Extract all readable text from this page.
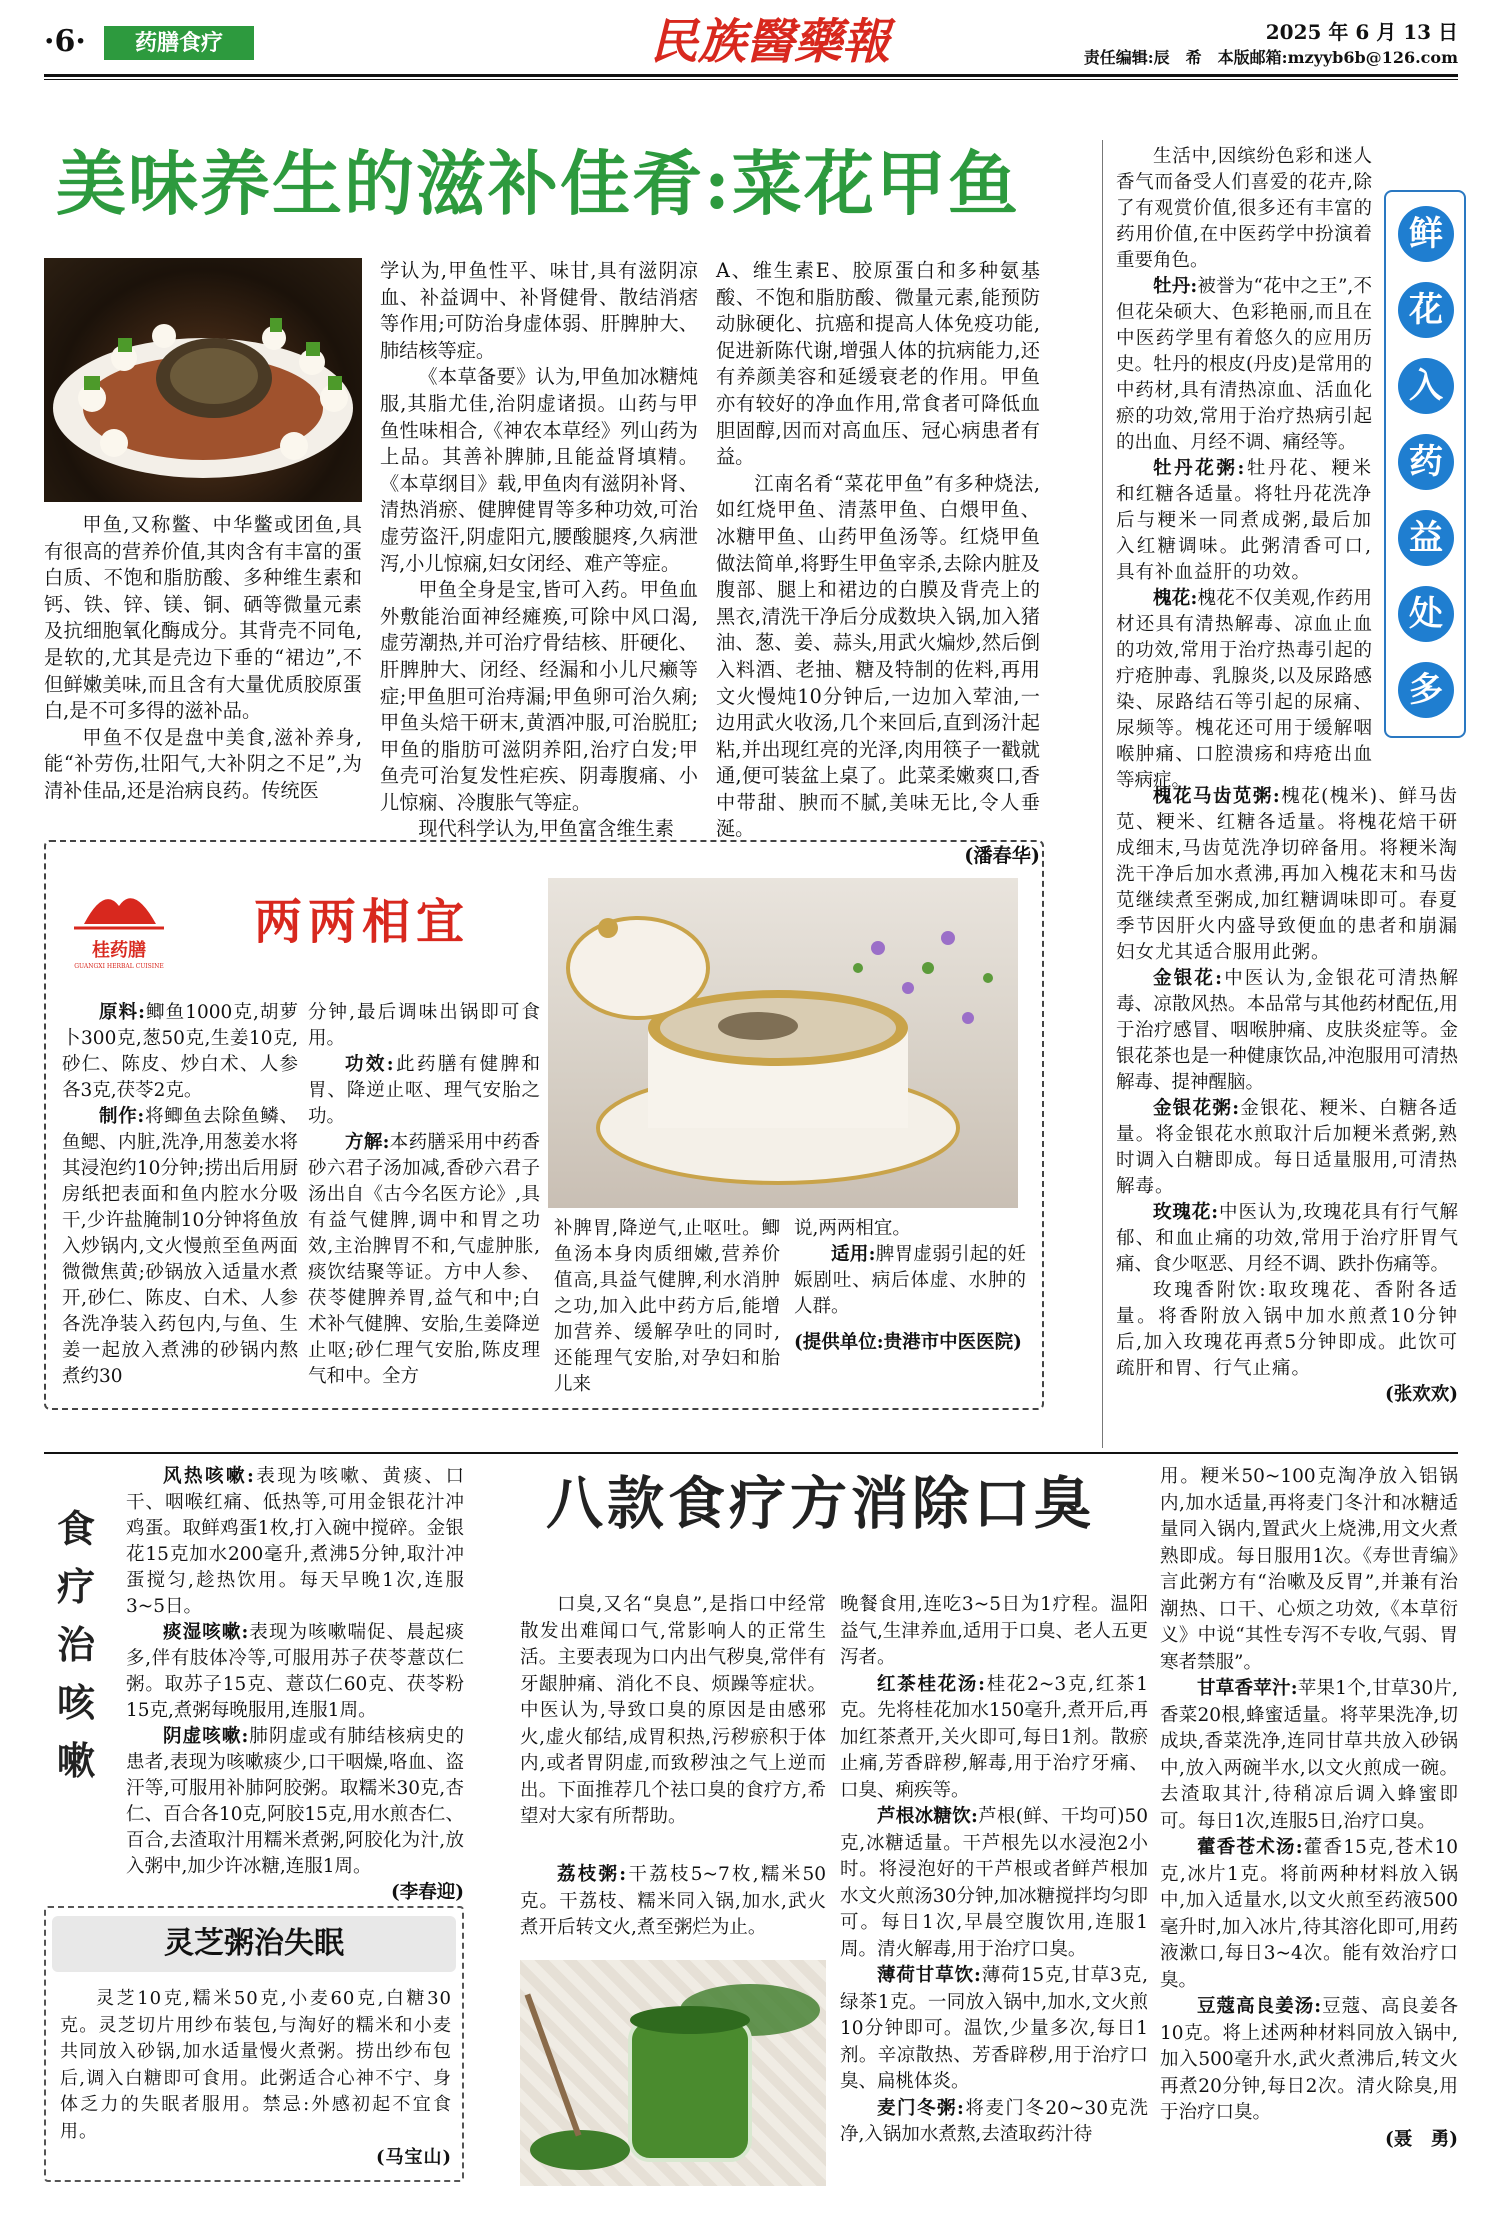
·6·	药膳食疗	民族醫藥報	2025 年 6 月 13 日
责任编辑:辰　希　本版邮箱:mzyyb6b@126.com
美味养生的滋补佳肴:菜花甲鱼

甲鱼,又称鳖、中华鳖或团鱼,具有很高的营养价值,其肉含有丰富的蛋白质、不饱和脂肪酸、多种维生素和钙、铁、锌、镁、铜、硒等微量元素及抗细胞氧化酶成分。其背壳不同龟,是软的,尤其是壳边下垂的“裙边”,不但鲜嫩美味,而且含有大量优质胶原蛋白,是不可多得的滋补品。

甲鱼不仅是盘中美食,滋补养身,能“补劳伤,壮阳气,大补阴之不足”,为清补佳品,还是治病良药。传统医

学认为,甲鱼性平、味甘,具有滋阴凉血、补益调中、补肾健骨、散结消痞等作用;可防治身虚体弱、肝脾肿大、肺结核等症。

《本草备要》认为,甲鱼加冰糖炖服,其脂尤佳,治阴虚诸损。山药与甲鱼性味相合,《神农本草经》列山药为上品。其善补脾肺,且能益肾填精。《本草纲目》载,甲鱼肉有滋阴补肾、清热消瘀、健脾健胃等多种功效,可治虚劳盗汗,阴虚阳亢,腰酸腿疼,久病泄泻,小儿惊痫,妇女闭经、难产等症。

甲鱼全身是宝,皆可入药。甲鱼血外敷能治面神经瘫痪,可除中风口渴,虚劳潮热,并可治疗骨结核、肝硬化、肝脾肿大、闭经、经漏和小儿尺癞等症;甲鱼胆可治痔漏;甲鱼卵可治久痢;甲鱼头焙干研末,黄酒冲服,可治脱肛;甲鱼的脂肪可滋阴养阳,治疗白发;甲鱼壳可治复发性疟疾、阴毒腹痛、小儿惊痫、冷腹胀气等症。

现代科学认为,甲鱼富含维生素

A、维生素E、胶原蛋白和多种氨基酸、不饱和脂肪酸、微量元素,能预防动脉硬化、抗癌和提高人体免疫功能,促进新陈代谢,增强人体的抗病能力,还有养颜美容和延缓衰老的作用。甲鱼亦有较好的净血作用,常食者可降低血胆固醇,因而对高血压、冠心病患者有益。

江南名肴“菜花甲鱼”有多种烧法,如红烧甲鱼、清蒸甲鱼、白煨甲鱼、冰糖甲鱼、山药甲鱼汤等。红烧甲鱼做法简单,将野生甲鱼宰杀,去除内脏及腹部、腿上和裙边的白膜及背壳上的黑衣,清洗干净后分成数块入锅,加入猪油、葱、姜、蒜头,用武火煸炒,然后倒入料酒、老抽、糖及特制的佐料,再用文火慢炖10分钟后,一边加入荤油,一边用武火收汤,几个来回后,直到汤汁起粘,并出现红亮的光泽,肉用筷子一戳就通,便可装盆上桌了。此菜柔嫩爽口,香中带甜、腴而不腻,美味无比,令人垂涎。

(潘春华)

鲜
花
入
药
益
处
多

生活中,因缤纷色彩和迷人香气而备受人们喜爱的花卉,除了有观赏价值,很多还有丰富的药用价值,在中医药学中扮演着重要角色。

牡丹:被誉为“花中之王”,不但花朵硕大、色彩艳丽,而且在中医药学里有着悠久的应用历史。牡丹的根皮(丹皮)是常用的中药材,具有清热凉血、活血化瘀的功效,常用于治疗热病引起的出血、月经不调、痛经等。

牡丹花粥:牡丹花、粳米和红糖各适量。将牡丹花洗净后与粳米一同煮成粥,最后加入红糖调味。此粥清香可口,具有补血益肝的功效。

槐花:槐花不仅美观,作药用材还具有清热解毒、凉血止血的功效,常用于治疗热毒引起的疔疮肿毒、乳腺炎,以及尿路感染、尿路结石等引起的尿痛、尿频等。槐花还可用于缓解咽喉肿痛、口腔溃疡和痔疮出血等病症。

槐花马齿苋粥:槐花(槐米)、鲜马齿苋、粳米、红糖各适量。将槐花焙干研成细末,马齿苋洗净切碎备用。将粳米淘洗干净后加水煮沸,再加入槐花末和马齿苋继续煮至粥成,加红糖调味即可。春夏季节因肝火内盛导致便血的患者和崩漏妇女尤其适合服用此粥。

金银花:中医认为,金银花可清热解毒、凉散风热。本品常与其他药材配伍,用于治疗感冒、咽喉肿痛、皮肤炎症等。金银花茶也是一种健康饮品,冲泡服用可清热解毒、提神醒脑。

金银花粥:金银花、粳米、白糖各适量。将金银花水煎取汁后加粳米煮粥,熟时调入白糖即成。每日适量服用,可清热解毒。

玫瑰花:中医认为,玫瑰花具有行气解郁、和血止痛的功效,常用于治疗肝胃气痛、食少呕恶、月经不调、跌扑伤痛等。

玫瑰香附饮:取玫瑰花、香附各适量。将香附放入锅中加水煎煮10分钟后,加入玫瑰花再煮5分钟即成。此饮可疏肝和胃、行气止痛。

(张欢欢)

桂药膳
GUANGXI HERBAL CUISINE
两两相宜

原料:鲫鱼1000克,胡萝卜300克,葱50克,生姜10克,砂仁、陈皮、炒白术、人参各3克,茯苓2克。

制作:将鲫鱼去除鱼鳞、鱼鳃、内脏,洗净,用葱姜水将其浸泡约10分钟;捞出后用厨房纸把表面和鱼内腔水分吸干,少许盐腌制10分钟将鱼放入炒锅内,文火慢煎至鱼两面微微焦黄;砂锅放入适量水煮开,砂仁、陈皮、白术、人参各洗净装入药包内,与鱼、生姜一起放入煮沸的砂锅内熬煮约30

分钟,最后调味出锅即可食用。

功效:此药膳有健脾和胃、降逆止呕、理气安胎之功。

方解:本药膳采用中药香砂六君子汤加减,香砂六君子汤出自《古今名医方论》,具有益气健脾,调中和胃之功效,主治脾胃不和,气虚肿胀,痰饮结聚等证。方中人参、茯苓健脾养胃,益气和中;白术补气健脾、安胎,生姜降逆止呕;砂仁理气安胎,陈皮理气和中。全方

补脾胃,降逆气,止呕吐。鲫鱼汤本身肉质细嫩,营养价值高,具益气健脾,利水消肿之功,加入此中药方后,能增加营养、缓解孕吐的同时,还能理气安胎,对孕妇和胎儿来

说,两两相宜。

适用:脾胃虚弱引起的妊娠剧吐、病后体虚、水肿的人群。

(提供单位:贵港市中医医院)

食
疗
治
咳
嗽

风热咳嗽:表现为咳嗽、黄痰、口干、咽喉红痛、低热等,可用金银花汁冲鸡蛋。取鲜鸡蛋1枚,打入碗中搅碎。金银花15克加水200毫升,煮沸5分钟,取汁冲蛋搅匀,趁热饮用。每天早晚1次,连服3~5日。

痰湿咳嗽:表现为咳嗽喘促、晨起痰多,伴有肢体冷等,可服用苏子茯苓薏苡仁粥。取苏子15克、薏苡仁60克、茯苓粉15克,煮粥每晚服用,连服1周。

阴虚咳嗽:肺阴虚或有肺结核病史的患者,表现为咳嗽痰少,口干咽燥,咯血、盗汗等,可服用补肺阿胶粥。取糯米30克,杏仁、百合各10克,阿胶15克,用水煎杏仁、百合,去渣取汁用糯米煮粥,阿胶化为汁,放入粥中,加少许冰糖,连服1周。

(李春迎)

灵芝粥治失眠

灵芝10克,糯米50克,小麦60克,白糖30克。灵芝切片用纱布装包,与淘好的糯米和小麦共同放入砂锅,加水适量慢火煮粥。捞出纱布包后,调入白糖即可食用。此粥适合心神不宁、身体乏力的失眠者服用。禁忌:外感初起不宜食用。

(马宝山)

八款食疗方消除口臭

口臭,又名“臭息”,是指口中经常散发出难闻口气,常影响人的正常生活。主要表现为口内出气秽臭,常伴有牙龈肿痛、消化不良、烦躁等症状。中医认为,导致口臭的原因是由感邪火,虚火郁结,成胃积热,污秽瘀积于体内,或者胃阴虚,而致秽浊之气上逆而出。下面推荐几个祛口臭的食疗方,希望对大家有所帮助。

荔枝粥:干荔枝5~7枚,糯米50克。干荔枝、糯米同入锅,加水,武火煮开后转文火,煮至粥烂为止。

晚餐食用,连吃3~5日为1疗程。温阳益气,生津养血,适用于口臭、老人五更泻者。

红茶桂花汤:桂花2~3克,红茶1克。先将桂花加水150毫升,煮开后,再加红茶煮开,关火即可,每日1剂。散瘀止痛,芳香辟秽,解毒,用于治疗牙痛、口臭、痢疾等。

芦根冰糖饮:芦根(鲜、干均可)50克,冰糖适量。干芦根先以水浸泡2小时。将浸泡好的干芦根或者鲜芦根加水文火煎汤30分钟,加冰糖搅拌均匀即可。每日1次,早晨空腹饮用,连服1周。清火解毒,用于治疗口臭。

薄荷甘草饮:薄荷15克,甘草3克,绿茶1克。一同放入锅中,加水,文火煎10分钟即可。温饮,少量多次,每日1剂。辛凉散热、芳香辟秽,用于治疗口臭、扁桃体炎。

麦门冬粥:将麦门冬20~30克洗净,入锅加水煮熬,去渣取药汁待

用。粳米50~100克淘净放入铝锅内,加水适量,再将麦门冬汁和冰糖适量同入锅内,置武火上烧沸,用文火煮熟即成。每日服用1次。《寿世青编》言此粥方有“治嗽及反胃”,并兼有治潮热、口干、心烦之功效,《本草衍义》中说“其性专泻不专收,气弱、胃寒者禁服”。

甘草香苹汁:苹果1个,甘草30片,香菜20根,蜂蜜适量。将苹果洗净,切成块,香菜洗净,连同甘草共放入砂锅中,放入两碗半水,以文火煎成一碗。去渣取其汁,待稍凉后调入蜂蜜即可。每日1次,连服5日,治疗口臭。

藿香苍术汤:藿香15克,苍术10克,冰片1克。将前两种材料放入锅中,加入适量水,以文火煎至药液500毫升时,加入冰片,待其溶化即可,用药液漱口,每日3~4次。能有效治疗口臭。

豆蔻高良姜汤:豆蔻、高良姜各10克。将上述两种材料同放入锅中,加入500毫升水,武火煮沸后,转文火再煮20分钟,每日2次。清火除臭,用于治疗口臭。

(聂　勇)
